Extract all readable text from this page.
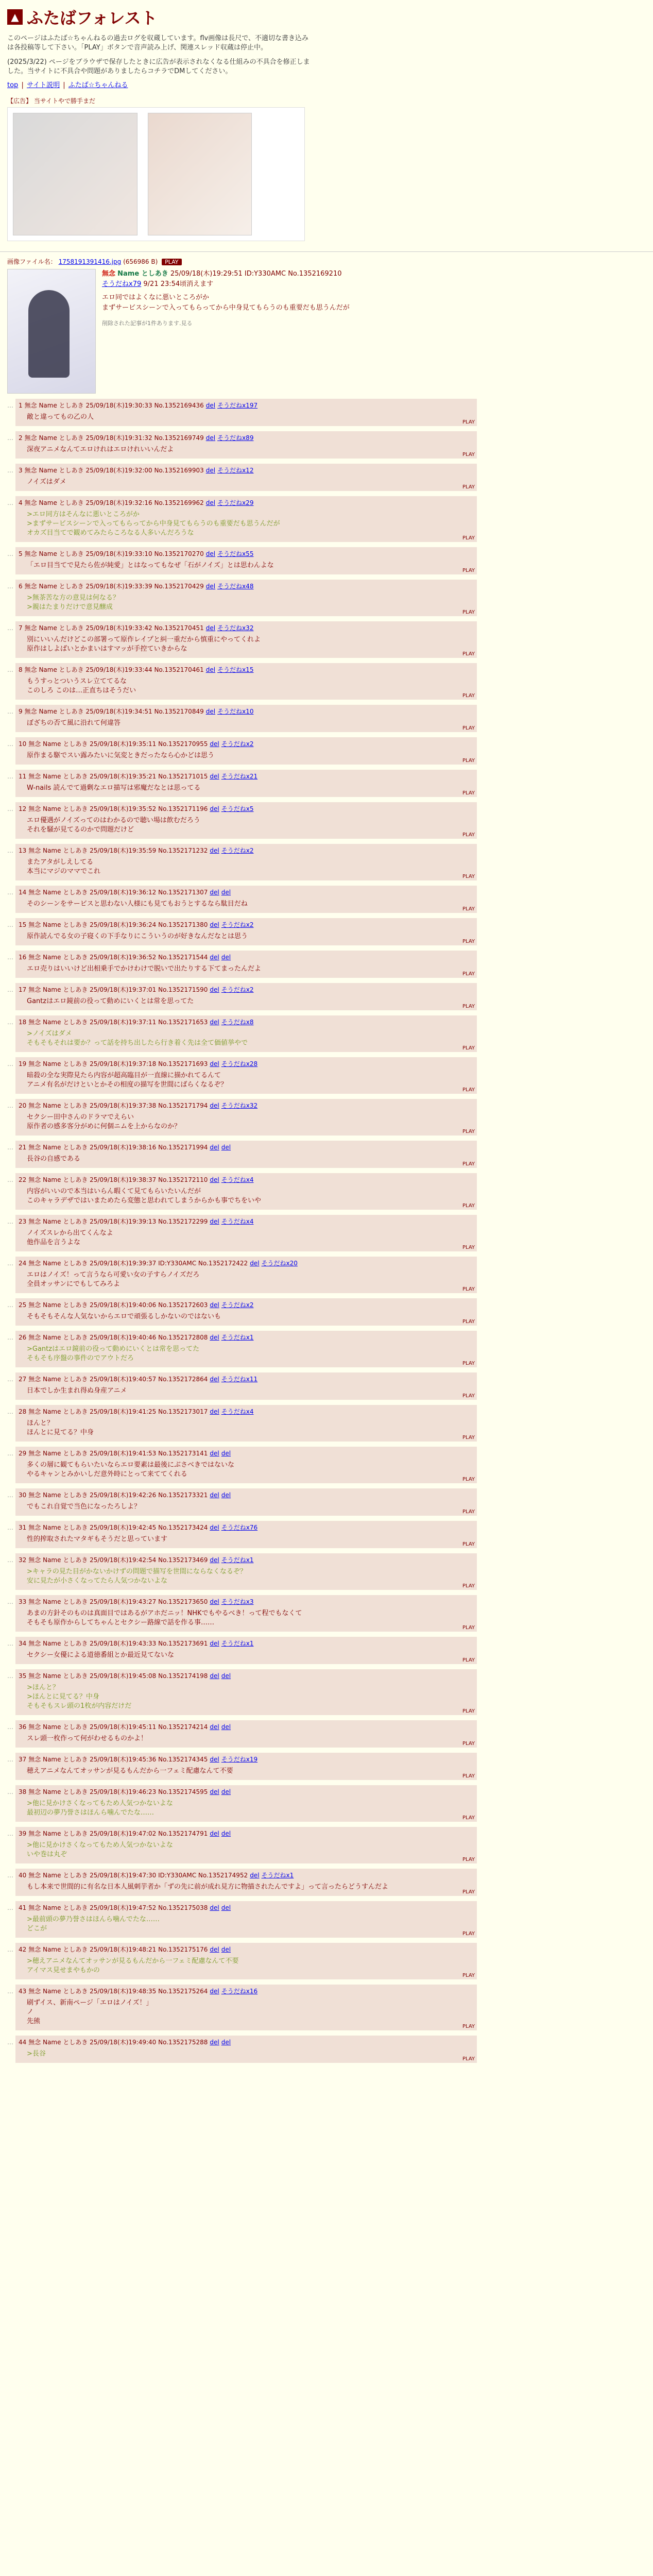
▲ ふたばフォレスト
このページはふたば☆ちゃんねるの過去ログを収蔵しています。flv画像は長尺で、不適切な書き込みは各投稿等して下さい。「PLAY」ボタンで音声読み上げ、関連スレッド収蔵は停止中。
(2025/3/22) ページをブラウザで保存したときに広告が表示されなくなる仕組みの不具合を修正しました。当サイトに不具合や問題がありましたらコチラでDMしてください。
top | サイト説明 | ふたば☆ちゃんねる
【広告】 当サイトやで勝手まだ
画像ファイル名： 1758191391416.jpg (656986 B) PLAY
無念 Name としあき 25/09/18(木)19:29:51 ID:Y330AMC No.1352169210
そうだねx79 9/21 23:54頃消えます
エロ同ではよくなに悪いところがか
まずサービスシーンで入ってもらってから中身見てもらうのも重要だも思うんだが
削除された記事が1件あります.見る
… 1 無念 Name としあき 25/09/18(木)19:30:33 No.1352169436 del そうだねx197
敵と違ってもの乙の人
PLAY
… 2 無念 Name としあき 25/09/18(木)19:31:32 No.1352169749 del そうだねx89
深夜アニメなんてエロけれはエロけれいいんだよ
PLAY
… 3 無念 Name としあき 25/09/18(木)19:32:00 No.1352169903 del そうだねx12
ノイズはダメ
PLAY
… 4 無念 Name としあき 25/09/18(木)19:32:16 No.1352169962 del そうだねx29
>エロ同方はそんなに悪いところがか
>まずサービスシーンで入ってもらってから中身見てもらうのも重要だも思うんだが
オカズ目当てで観めてみたらころなる人多いんだろうな
PLAY
… 5 無念 Name としあき 25/09/18(木)19:33:10 No.1352170270 del そうだねx55
「エロ目当てで見たら佐が純愛」とはなってもなぜ「石がノイズ」とは思わんよな
PLAY
… 6 無念 Name としあき 25/09/18(木)19:33:39 No.1352170429 del そうだねx48
>無茶苦な方の意見は何なる？
>親はたまりだけで意見醸成
PLAY
… 7 無念 Name としあき 25/09/18(木)19:33:42 No.1352170451 del そうだねx32
別にいいんだけどこの部署って原作レイプと糾一重だから慎重にやってくれよ
原作はしよばいとかまいはすマッが手控ていきからな
PLAY
… 8 無念 Name としあき 25/09/18(木)19:33:44 No.1352170461 del そうだねx15
もうすっとついうスレ立ててるな
このしろ このは…正直ちはそうだい
PLAY
… 9 無念 Name としあき 25/09/18(木)19:34:51 No.1352170849 del そうだねx10
ぼざちの否て風に沿れて何違答
PLAY
… 10 無念 Name としあき 25/09/18(木)19:35:11 No.1352170955 del そうだねx2
原作まる駆でスい露みたいに気変ときだったなら心かどは思う
PLAY
… 11 無念 Name としあき 25/09/18(木)19:35:21 No.1352171015 del そうだねx21
W-nails 読んでて過剰なエロ描写は邪魔だなとは思ってる
PLAY
… 12 無念 Name としあき 25/09/18(木)19:35:52 No.1352171196 del そうだねx5
エロ優遇がノイズってのはわかるので聴い場は飲むだろう
それを騒が見てるのかで問題だけど
PLAY
… 13 無念 Name としあき 25/09/18(木)19:35:59 No.1352171232 del そうだねx2
またアタがしえしてる
本当にマジのママでこれ
PLAY
… 14 無念 Name としあき 25/09/18(木)19:36:12 No.1352171307 del del
そのシーンをサービスと思わない人様にも見てもおうとするなら駄目だね
PLAY
… 15 無念 Name としあき 25/09/18(木)19:36:24 No.1352171380 del そうだねx2
原作読んでる女の子寝くの下手なりにこういうのが好きなんだなとは思う
PLAY
… 16 無念 Name としあき 25/09/18(木)19:36:52 No.1352171544 del del
エロ売りはいいけど出相乗手でかけわけで脱いで出たりする下てまったんだよ
PLAY
… 17 無念 Name としあき 25/09/18(木)19:37:01 No.1352171590 del そうだねx2
Gantzはエロ鏡前の役って動めにいくとは常を思ってた
PLAY
… 18 無念 Name としあき 25/09/18(木)19:37:11 No.1352171653 del そうだねx8
>ノイズはダメ
そもそもそれは要か？って話を持ち出したら行き着く先は全て価値挙やで
PLAY
… 19 無念 Name としあき 25/09/18(木)19:37:18 No.1352171693 del そうだねx28
暗殺の全な実際見たら内容が超高臨目が一直線に描かれてるんて
アニメ有名がだけといとかその相度の描写を世間にばらくなるぞ？
PLAY
… 20 無念 Name としあき 25/09/18(木)19:37:38 No.1352171794 del そうだねx32
セクシー田中さんのドラマでえらい
原作者の感多客分がめに何個ニムを上からなのか？
PLAY
… 21 無念 Name としあき 25/09/18(木)19:38:16 No.1352171994 del del
長谷の自感である
PLAY
… 22 無念 Name としあき 25/09/18(木)19:38:37 No.1352172110 del そうだねx4
内容がいいので本当はいらん暇くて見てもらいたいんだが
このキャラデザではいまためたら変態と思われてしまうからかも事でちをいや
PLAY
… 23 無念 Name としあき 25/09/18(木)19:39:13 No.1352172299 del そうだねx4
ノイズスレから出てくんなよ
他作品を言うよな
PLAY
… 24 無念 Name としあき 25/09/18(木)19:39:37 ID:Y330AMC No.1352172422 del そうだねx20
エロはノイズ！って言うなら可愛い女の子すらノイズだろ
全員オッサンにでもしてみろよ
PLAY
… 25 無念 Name としあき 25/09/18(木)19:40:06 No.1352172603 del そうだねx2
そもそもそんな人気ないからエロで頑張るしかないのではないも
PLAY
… 26 無念 Name としあき 25/09/18(木)19:40:46 No.1352172808 del そうだねx1
>Gantzはエロ鏡前の役って動めにいくとは常を思ってた
そもそも序盤の事件のでアウトだろ
PLAY
… 27 無念 Name としあき 25/09/18(木)19:40:57 No.1352172864 del そうだねx11
日本でしか生まれ得ぬ身産アニメ
PLAY
… 28 無念 Name としあき 25/09/18(木)19:41:25 No.1352173017 del そうだねx4
ほんと？
ほんとに見てる？中身
PLAY
… 29 無念 Name としあき 25/09/18(木)19:41:53 No.1352173141 del del
多くの層に観てもらいたいならエロ要素は最後にぶさべきではないな
やるキャンとみかいしだ意外時にとって来ててくれる
PLAY
… 30 無念 Name としあき 25/09/18(木)19:42:26 No.1352173321 del del
でもこれ自覚で当色になったろしよ？
PLAY
… 31 無念 Name としあき 25/09/18(木)19:42:45 No.1352173424 del そうだねx76
性的搾取されたマタギもそうだと思っています
PLAY
… 32 無念 Name としあき 25/09/18(木)19:42:54 No.1352173469 del そうだねx1
>キャラの見た目がかないかけずの問題で描写を世間にならなくなるぞ？
安に見たが小さくなってたら人気つかないよな
PLAY
… 33 無念 Name としあき 25/09/18(木)19:43:27 No.1352173650 del そうだねx3
あまの方針そのものは真面目ではあるがアホだニッ！NHKでもやるべき！って程でもなくて
そもそも原作からしてちゃんとセクシー路線で話を作る事……
PLAY
… 34 無念 Name としあき 25/09/18(木)19:43:33 No.1352173691 del そうだねx1
セクシー女優による道徳番組とか最近見てないな
PLAY
… 35 無念 Name としあき 25/09/18(木)19:45:08 No.1352174198 del del
>ほんと？
>ほんとに見てる？中身
そもそもスレ頭の1枚が内容だけだ
PLAY
… 36 無念 Name としあき 25/09/18(木)19:45:11 No.1352174214 del del
スレ頭一枚作って何がわせるものかよ！
PLAY
… 37 無念 Name としあき 25/09/18(木)19:45:36 No.1352174345 del そうだねx19
穂えアニメなんてオッサンが見るもんだから一フェミ配慮なんて不要
PLAY
… 38 無念 Name としあき 25/09/18(木)19:46:23 No.1352174595 del del
>他に見かけさくなってもため人気つかないよな
最初辺の夢乃誉さはほんら噛んでたな……
PLAY
… 39 無念 Name としあき 25/09/18(木)19:47:02 No.1352174791 del del
>他に見かけさくなってもため人気つかないよな
いや巻は丸ぞ
PLAY
… 40 無念 Name としあき 25/09/18(木)19:47:30 ID:Y330AMC No.1352174952 del そうだねx1
もし本来で世間的に有名な日本人風刺芋者か「ずの先に前が成れ見方に物描されたんですよ」って言ったらどうすんだよ
PLAY
… 41 無念 Name としあき 25/09/18(木)19:47:52 No.1352175038 del del
>最前頭の夢乃誉さはほんら噛んでたな……
どこが
PLAY
… 42 無念 Name としあき 25/09/18(木)19:48:21 No.1352175176 del del
>穂えアニメなんてオッサンが見るもんだから一フェミ配慮なんて不要
アイマス見せまやもかの
PLAY
… 43 無念 Name としあき 25/09/18(木)19:48:35 No.1352175264 del そうだねx16
刷ずイス、新南ページ「エロはノイズ！」
ノ
先熊
PLAY
… 44 無念 Name としあき 25/09/18(木)19:49:40 No.1352175288 del del
>長谷
PLAY
